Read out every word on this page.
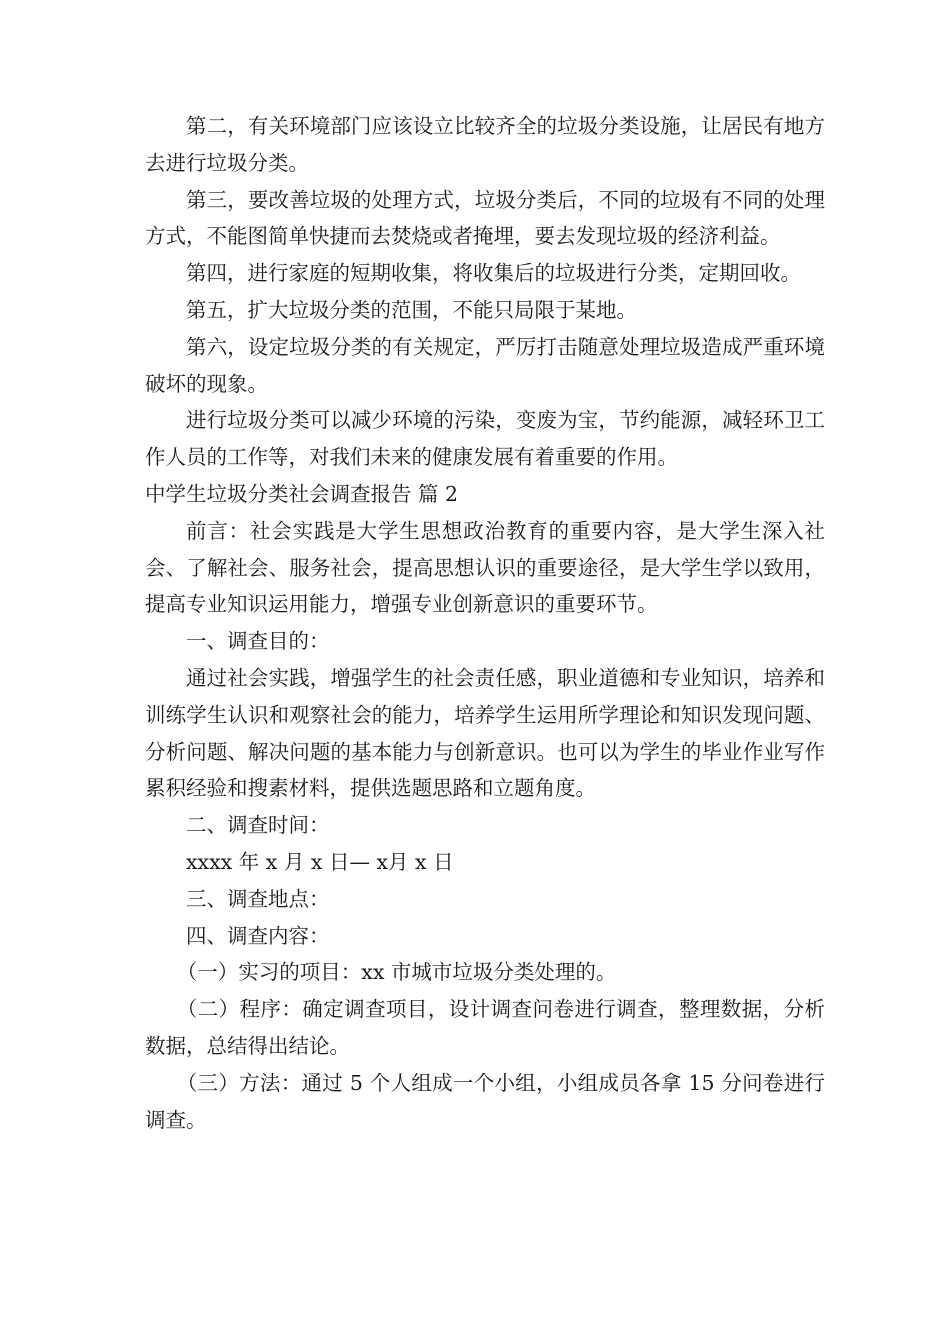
第二，有关环境部门应该设立比较齐全的垃圾分类设施，让居民有地方去进行垃圾分类。

第三，要改善垃圾的处理方式，垃圾分类后，不同的垃圾有不同的处理方式，不能图简单快捷而去焚烧或者掩埋，要去发现垃圾的经济利益。

第四，进行家庭的短期收集，将收集后的垃圾进行分类，定期回收。

第五，扩大垃圾分类的范围，不能只局限于某地。

第六，设定垃圾分类的有关规定，严厉打击随意处理垃圾造成严重环境破坏的现象。

进行垃圾分类可以减少环境的污染，变废为宝，节约能源，减轻环卫工作人员的工作等，对我们未来的健康发展有着重要的作用。

中学生垃圾分类社会调查报告 篇 2

前言：社会实践是大学生思想政治教育的重要内容，是大学生深入社会、了解社会、服务社会，提高思想认识的重要途径，是大学生学以致用，提高专业知识运用能力，增强专业创新意识的重要环节。

一、调查目的：

通过社会实践，增强学生的社会责任感，职业道德和专业知识，培养和训练学生认识和观察社会的能力，培养学生运用所学理论和知识发现问题、分析问题、解决问题的基本能力与创新意识。也可以为学生的毕业作业写作累积经验和搜素材料，提供选题思路和立题角度。

二、调查时间：

xxxx 年 x 月 x 日— x月 x 日

三、调查地点：

四、调查内容：

（一）实习的项目：xx 市城市垃圾分类处理的。

（二）程序：确定调查项目，设计调查问卷进行调查，整理数据，分析数据，总结得出结论。

（三）方法：通过 5 个人组成一个小组，小组成员各拿 15 分问卷进行调查。
